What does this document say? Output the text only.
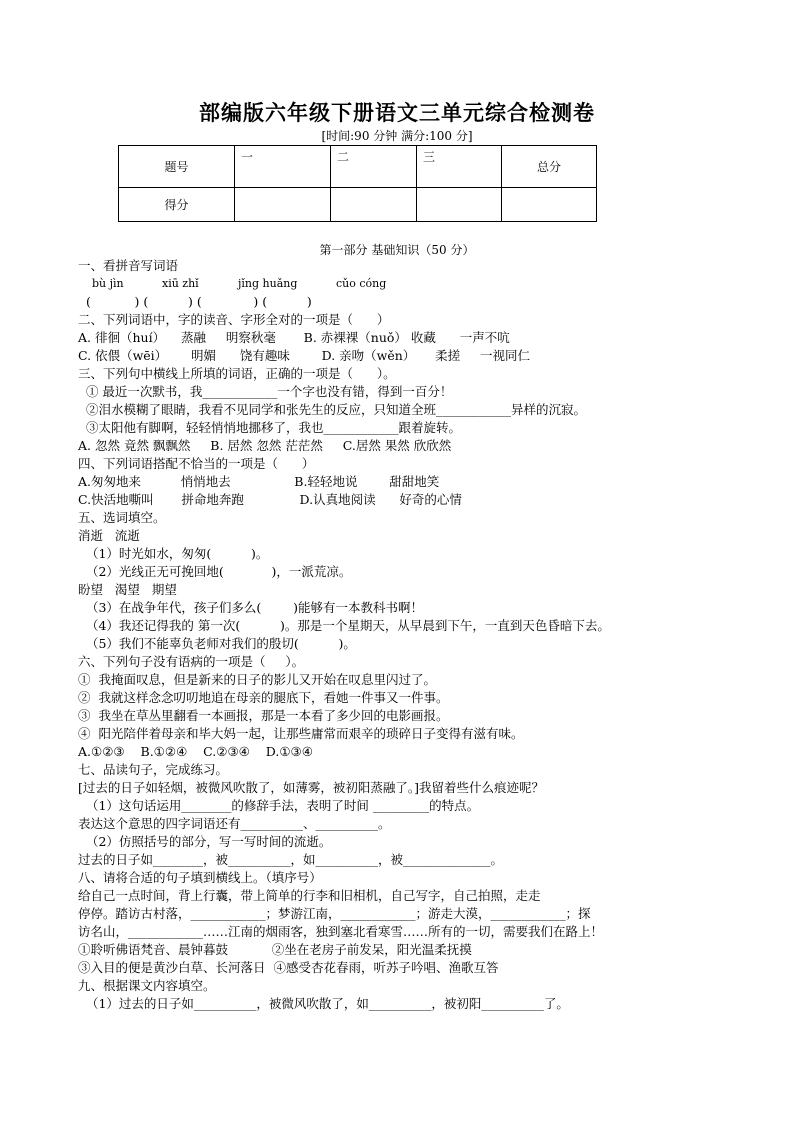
部编版六年级下册语文三单元综合检测卷
[时间:90 分钟 满分:100 分]
题号	一	二	三	总分
得分				
第一部分 基础知识（50 分）
一、看拼音写词语
bù jìn	xiū zhǐ	jǐng huǎng	cǔo cóng
(           ) (          ) (             ) (          )
二、下列词语中，字的读音、字形全对的一项是（      ）
A. 徘徊（huí）    蒸融     明察秋毫       B. 赤裸裸（nuǒ） 收藏      一声不吭
C. 依偎（wēi）      明媚      饶有趣味        D. 亲吻（wěn）     柔搓     一视同仁
三、下列句中横线上所填的词语，正确的一项是（      ）。
① 最近一次默书，我____________一个字也没有错，得到一百分！
②泪水模糊了眼睛，我看不见同学和张先生的反应，只知道全班____________异样的沉寂。
③太阳他有脚啊，轻轻悄悄地挪移了，我也____________跟着旋转。
A. 忽然 竟然 飘飘然     B. 居然 忽然 茫茫然     C.居然 果然 欣欣然
四、下列词语搭配不恰当的一项是（      ）
A.匆匆地来          悄悄地去                B.轻轻地说        甜甜地笑
C.快活地嘶叫       拼命地奔跑              D.认真地阅读      好奇的心情
五、选词填空。
消逝   流逝
（1）时光如水，匆匆(          )。
（2）光线正无可挽回地(            )，一派荒凉。
盼望   渴望   期望
（3）在战争年代，孩子们多么(        )能够有一本教科书啊！
（4）我还记得我的 第一次(          )。那是一个星期天，从早晨到下午，一直到天色昏暗下去。
（5）我们不能辜负老师对我们的殷切(          )。
六、下列句子没有语病的一项是（     ）。
①  我掩面叹息，但是新来的日子的影儿又开始在叹息里闪过了。
②  我就这样念念叨叨地追在母亲的腿底下，看她一件事又一件事。
③  我坐在草丛里翻看一本画报，那是一本看了多少回的电影画报。
④  阳光陪伴着母亲和毕大妈一起，让那些庸常而艰辛的琐碎日子变得有滋有味。
A.①②③    B.①②④    C.②③④    D.①③④
七、品读句子，完成练习。
[过去的日子如轻烟，被微风吹散了，如薄雾，被初阳蒸融了。]我留着些什么痕迹呢？
（1）这句话运用________的修辞手法，表明了时间 _________的特点。
表达这个意思的四字词语还有__________、__________。
（2）仿照括号的部分，写一写时间的流逝。
过去的日子如________，被__________，如__________，被______________。
八、请将合适的句子填到横线上。（填序号）
给自己一点时间，背上行囊，带上简单的行李和旧相机，自己写字，自己拍照，走走
停停。踏访古村落，____________；梦游江南，____________；游走大漠，____________；探
访名山，____________……江南的烟雨客，独到塞北看寒雪……所有的一切，需要我们在路上！
①聆听佛语梵音、晨钟暮鼓           ②坐在老房子前发呆，阳光温柔抚摸
③入目的便是黄沙白草、长河落日  ④感受杏花春雨，听苏子吟唱、渔歌互答
九、根据课文内容填空。
（1）过去的日子如__________，被微风吹散了，如__________，被初阳__________了。
